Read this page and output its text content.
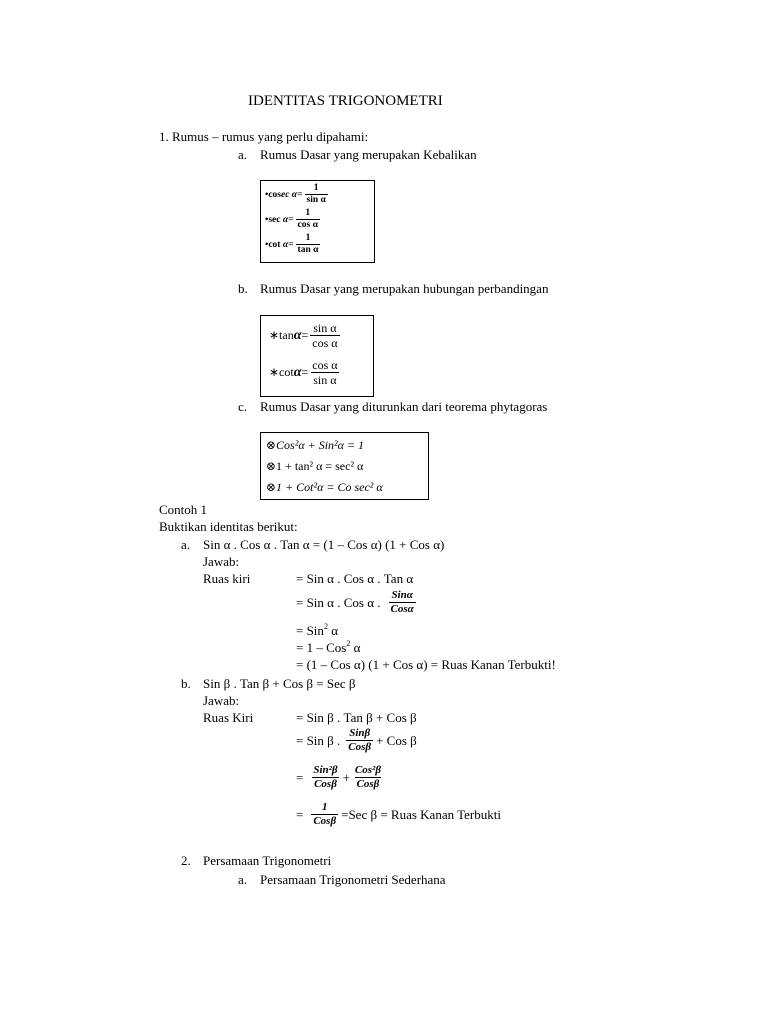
IDENTITAS TRIGONOMETRI
1. Rumus – rumus yang perlu dipahami:
a. Rumus Dasar yang merupakan Kebalikan
•cos ec $\alpha = \frac{1}{\text{sin α}}$
•sec
$\alpha = \frac{1}{\text{cos α}}$
•cot
$\alpha = \frac{1}{\text{tan α}}$
b. Rumus Dasar yang merupakan hubungan perbandingan
∗tan $\alpha = \frac{\text{sin α}}{\text{cos α}}$
∗cot $\alpha = \frac{\text{cos α}}{\text{sin α}}$
c. Rumus Dasar yang diturunkan dari teorema phytagoras
⊗Cos²α + Sin²α = 1
⊗1 + tan² α = sec² α
⊗1 + Cot²α = Co sec² α
Contoh 1
Buktikan identitas berikut:
a. Sin α . Cos α . Tan α = (1 – Cos α) (1 + Cos α)
Jawab:
Ruas kiri	= Sin α . Cos α . Tan α
= Sin α . Cos α . Sinα
Cosα
= Sin$^2$ α
= 1 – Cos$^2$ α
= (1 – Cos α) (1 + Cos α) = Ruas Kanan Terbukti!
b. Sin β . Tan β + Cos β = Sec β
Jawab:
Ruas Kiri	= Sin β . Tan β + Cos β
= Sin β . Sinβ
Cosβ + Cos β
= Sin²β
Cosβ + Cos²β
Cosβ
= 1
Cosβ =Sec β = Ruas Kanan Terbukti
2. Persamaan Trigonometri
a. Persamaan Trigonometri Sederhana
